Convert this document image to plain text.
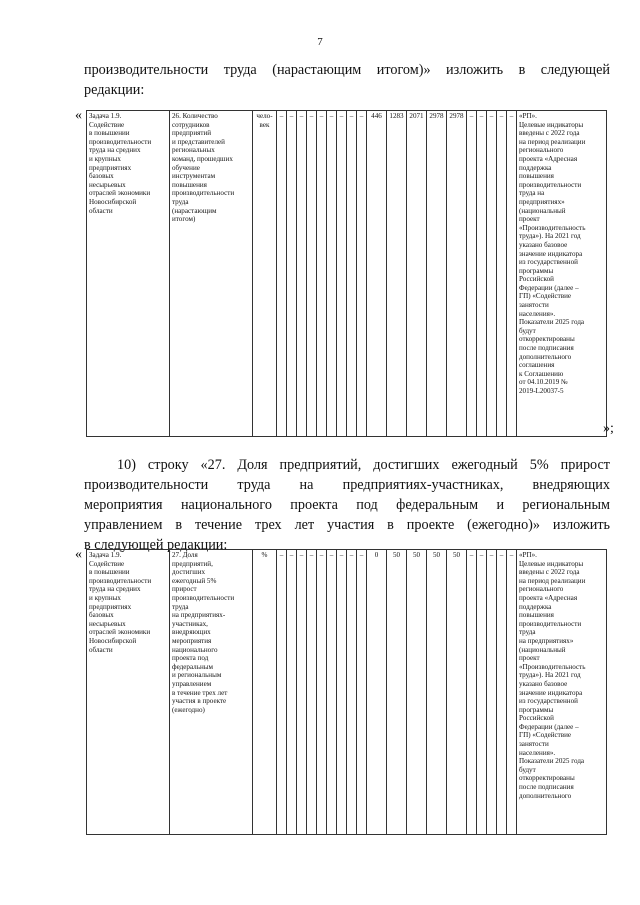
7
производительности труда (нарастающим итогом)» изложить в следующей
редакции:
« Задача 1.9.
Содействие
в повышении
производительности
труда на средних
и крупных
предприятиях
базовых
несырьевых
отраслей экономики
Новосибирской
области	26. Количество
сотрудников
предприятий
и представителей
региональных
команд, прошедших
обучение
инструментам
повышения
производительности
труда
(нарастающим
итогом)	чело-
век	–	–	–	–	–	–	–	–	–	446	1283	2071	2978	2978	–	–	–	–	–	«РП».
Целевые индикаторы
введены с 2022 года
на период реализации
регионального
проекта «Адресная
поддержка
повышения
производительности
труда на
предприятиях»
(национальный
проект
«Производительность
труда»). На 2021 год
указано базовое
значение индикатора
из государственной
программы
Российской
Федерации (далее –
ГП) «Содействие
занятости
населения».
Показатели 2025 года
будут
откорректированы
после подписания
дополнительного
соглашения
к Соглашению
от 04.10.2019 №
2019-L20037-5
»;
10) строку «27. Доля предприятий, достигших ежегодный 5% прирост
производительности труда на предприятиях-участниках, внедряющих
мероприятия национального проекта под федеральным и региональным
управлением в течение трех лет участия в проекте (ежегодно)» изложить
в следующей редакции:
« Задача 1.9.
Содействие
в повышении
производительности
труда на средних
и крупных
предприятиях
базовых
несырьевых
отраслей экономики
Новосибирской
области	27. Доля
предприятий,
достигших
ежегодный 5%
прирост
производительности
труда
на предприятиях-
участниках,
внедряющих
мероприятия
национального
проекта под
федеральным
и региональным
управлением
в течение трех лет
участия в проекте
(ежегодно)	%	–	–	–	–	–	–	–	–	–	0	50	50	50	50	–	–	–	–	–	«РП».
Целевые индикаторы
введены с 2022 года
на период реализации
регионального
проекта «Адресная
поддержка
повышения
производительности
труда
на предприятиях»
(национальный
проект
«Производительность
труда»). На 2021 год
указано базовое
значение индикатора
из государственной
программы
Российской
Федерации (далее –
ГП) «Содействие
занятости
населения».
Показатели 2025 года
будут
откорректированы
после подписания
дополнительного
